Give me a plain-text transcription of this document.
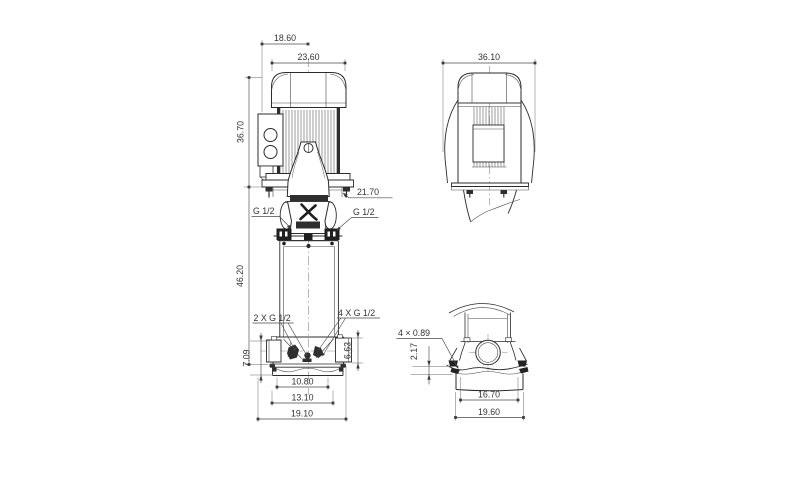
18.60
23.60
36.70
46.20
21.70
G 1/2	G 1/2
2 X G 1/2	4 X G 1/2
7.09	6.63
10.80
13.10
19.10
36.10
4 × 0.89
2.17
16.70
19.60
